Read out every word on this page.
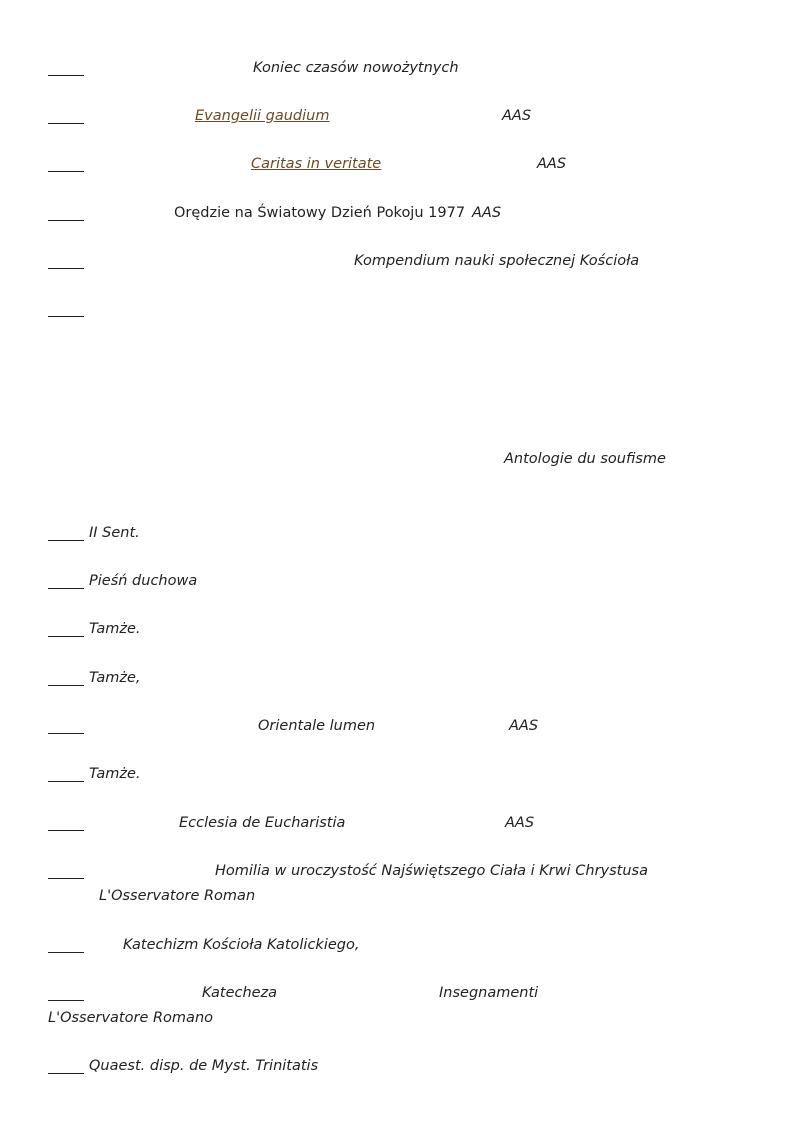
Koniec czasów nowożytnych
Evangelii gaudium	AAS
Caritas in veritate	AAS
Orędzie na Światowy Dzień Pokoju 1977 AAS
Kompendium nauki społecznej Kościoła
Antologie du soufisme
II Sent.
Pieśń duchowa
Tamże.
Tamże,
Orientale lumen	AAS
Tamże.
Ecclesia de Eucharistia	AAS
Homilia w uroczystość Najświętszego Ciała i Krwi Chrystusa
L'Osservatore Roman
Katechizm Kościoła Katolickiego,
Katecheza	Insegnamenti
L'Osservatore Romano
Quaest. disp. de Myst. Trinitatis
